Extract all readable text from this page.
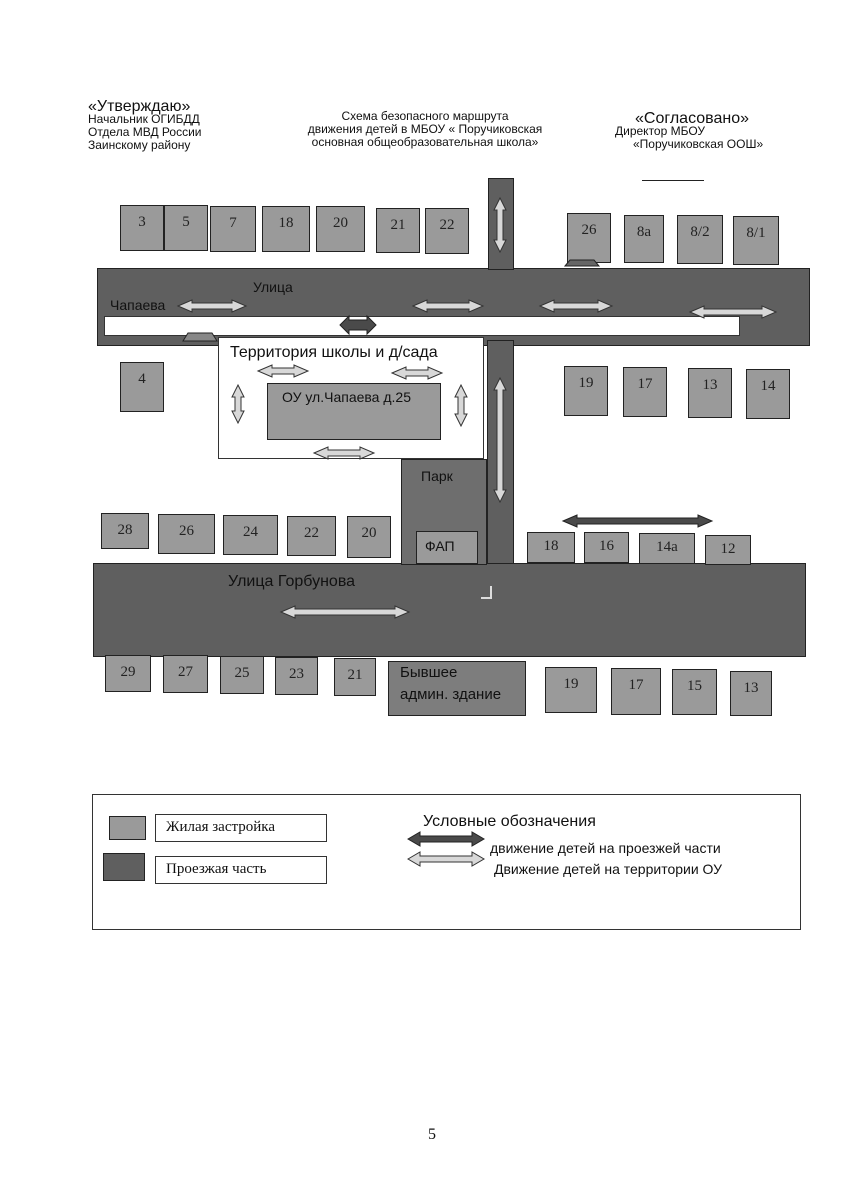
«Утверждаю»
Начальник ОГИБДД
Отдела МВД России
Заинскому району
Схема безопасного маршрута
движения детей в МБОУ « Поручиковская
основная общеобразовательная школа»
«Согласовано»
Директор МБОУ
«Поручиковская ООШ»
Территория школы и д/сада
ОУ ул.Чапаева д.25
Парк
ФАП
Бывшее
админ. здание
Улица
Чапаева
Улица Горбунова
3	5	7	18	20	21	22	26	8а	8/2	8/1
4	19	17	13	14
28	26	24	22	20
18	16	14а	12
29	27	25	23	21
19	17	15	13
Жилая застройка
Проезжая часть
Условные обозначения
движение детей на проезжей части
Движение детей на территории ОУ
5
